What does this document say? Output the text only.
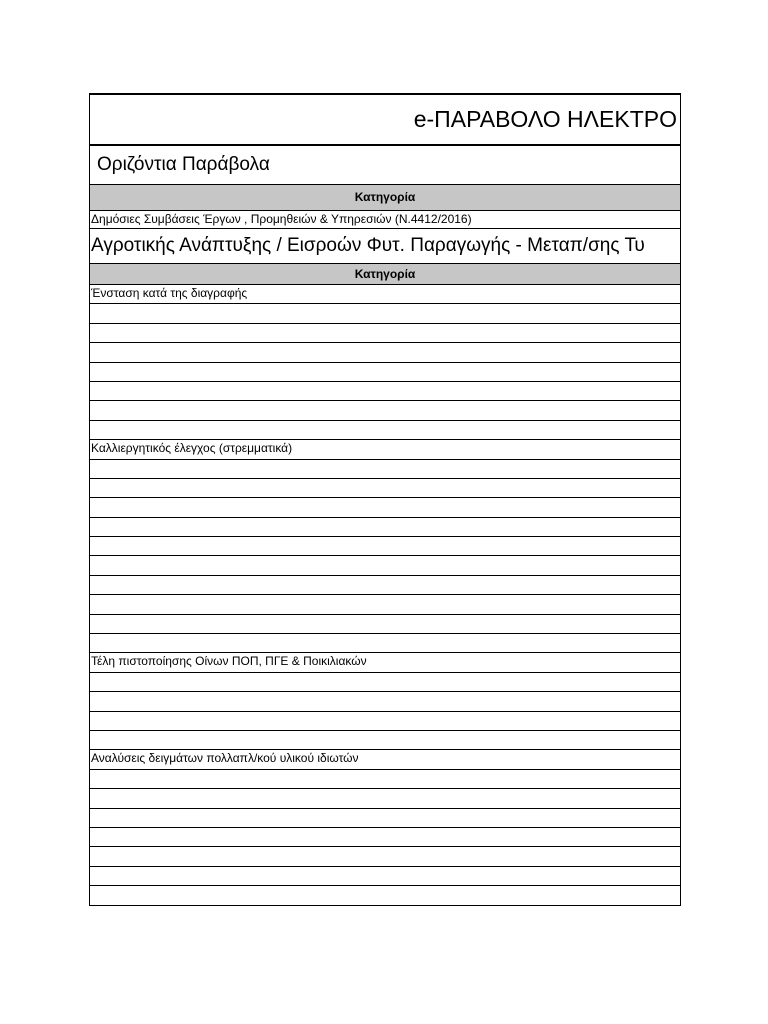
e-ΠΑΡΑΒΟΛΟ ΗΛΕΚΤΡΟ
Οριζόντια Παράβολα
Κατηγορία
Δημόσιες Συμβάσεις Έργων , Προμηθειών & Υπηρεσιών (Ν.4412/2016)
Αγροτικής Ανάπτυξης / Εισροών Φυτ. Παραγωγής - Μεταπ/σης Τυ
Κατηγορία
Ένσταση κατά της διαγραφής
Καλλιεργητικός έλεγχος (στρεμματικά)
Τέλη πιστοποίησης Οίνων ΠΟΠ, ΠΓΕ & Ποικιλιακών
Αναλύσεις δειγμάτων πολλαπλ/κού υλικού ιδιωτών
